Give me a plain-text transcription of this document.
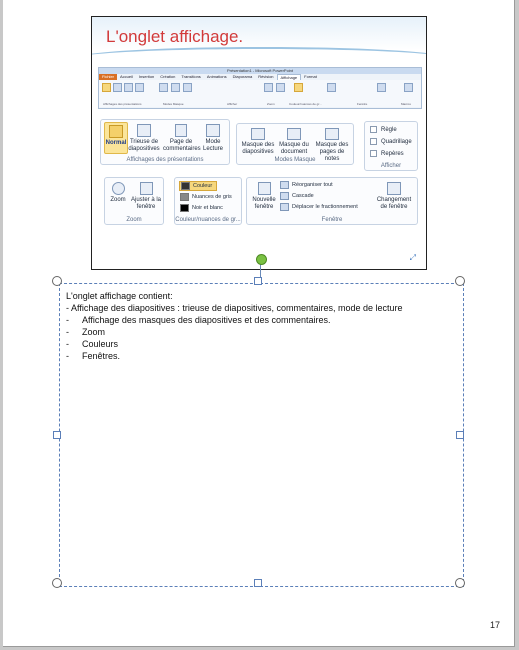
L'onglet affichage.
Présentation1 - Microsoft PowerPoint
Fichier	Accueil	Insertion	Création	Transitions	Animations	Diaporama	Révision	Affichage	Format
Affichages des présentations	Modes Masque	Afficher	Zoom	Couleur/nuances de gr...	Fenêtre	Macros
Normal Trieuse de diapositives
Page de commentaires
Mode Lecture
Affichages des présentations
Masque des diapositives
Masque du document
Masque des pages de notes
Modes Masque
Règle
Quadrillage
Repères
Afficher
Zoom Ajuster à la fenêtre
Zoom
Couleur
Nuances de gris
Noir et blanc
Couleur/nuances de gr...
Nouvelle fenêtre
Réorganiser tout
Cascade
Déplacer le fractionnement
Changement de fenêtre
Fenêtre
⤢
L'onglet affichage contient:
- Affichage des diapositives : trieuse de diapositives, commentaires, mode de lecture
- Affichage des masques des diapositives et des commentaires.
- Zoom
- Couleurs
- Fenêtres.
17
